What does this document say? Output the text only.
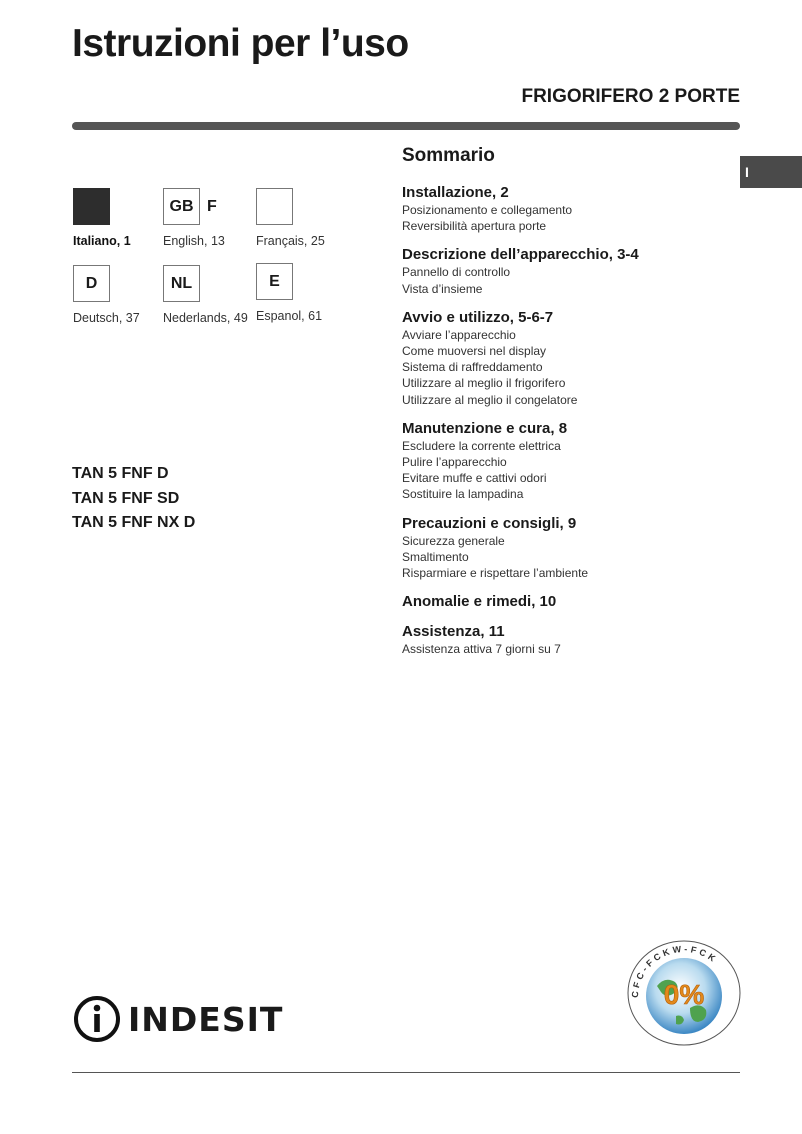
Istruzioni per l’uso
FRIGORIFERO 2 PORTE
I
Italiano, 1
GB F
English, 13 Français, 25
D
Deutsch, 37
NL
Nederlands, 49
E
Espanol, 61
TAN 5 FNF D
TAN 5 FNF SD
TAN 5 FNF NX D
Sommario
Installazione, 2
Posizionamento e collegamento
Reversibilità apertura porte
Descrizione dell’apparecchio, 3-4
Pannello di controllo
Vista d’insieme
Avvio e utilizzo, 5-6-7
Avviare l’apparecchio
Come muoversi nel display
Sistema di raffreddamento
Utilizzare al meglio il frigorifero
Utilizzare al meglio il congelatore
Manutenzione e cura, 8
Escludere la corrente elettrica
Pulire l’apparecchio
Evitare muffe e cattivi odori
Sostituire la lampadina
Precauzioni e consigli, 9
Sicurezza generale
Smaltimento
Risparmiare e rispettare l’ambiente
Anomalie e rimedi, 10
Assistenza, 11
Assistenza attiva 7 giorni su 7
INDESIT
CFC-FCKW-FCK
0%
